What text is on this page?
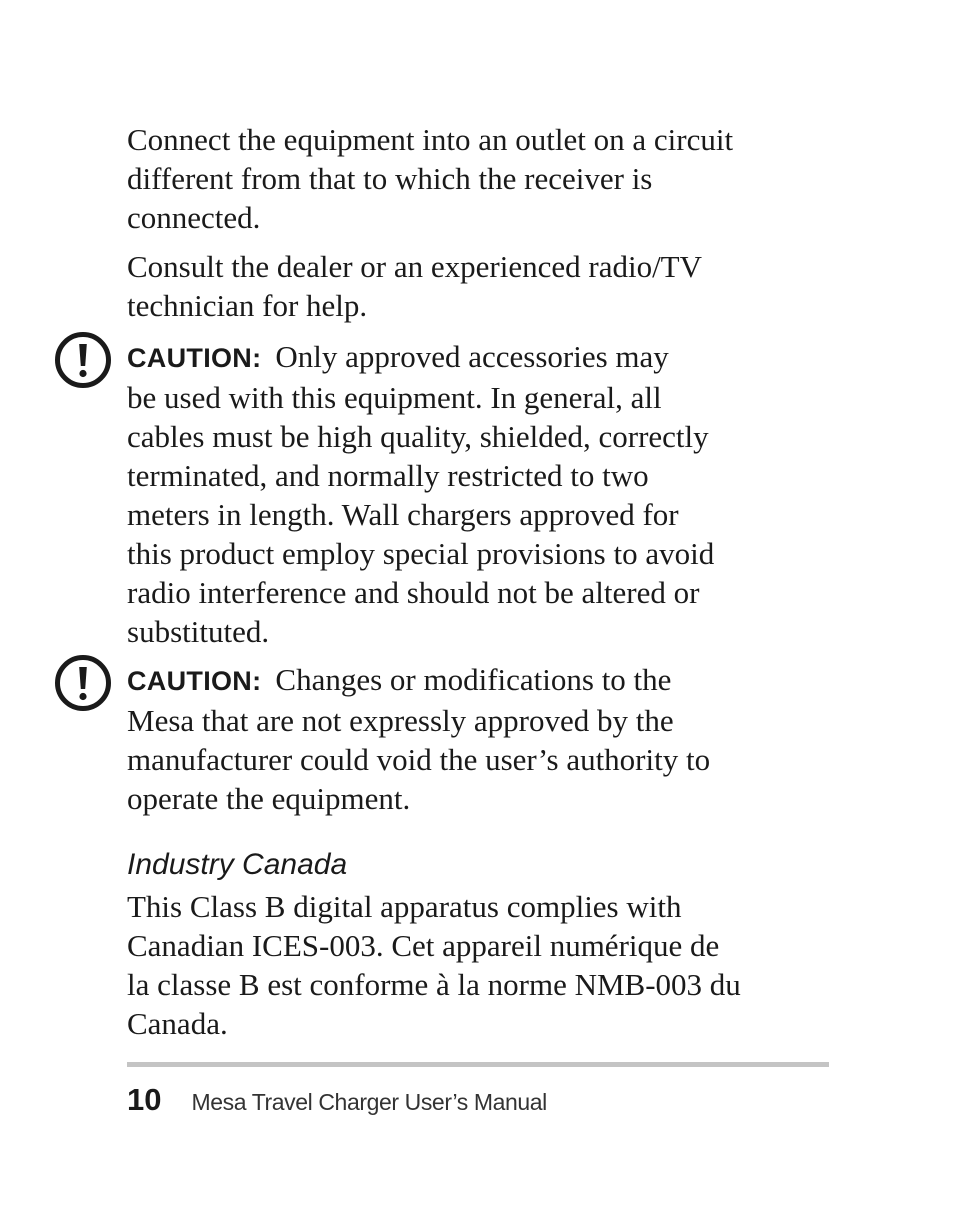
Connect the equipment into an outlet on a circuit
different from that to which the receiver is
connected.

Consult the dealer or an experienced radio/TV
technician for help.

CAUTION: Only approved accessories may
be used with this equipment. In general, all
cables must be high quality, shielded, correctly
terminated, and normally restricted to two
meters in length. Wall chargers approved for
this product employ special provisions to avoid
radio interference and should not be altered or
substituted.

CAUTION: Changes or modifications to the
Mesa that are not expressly approved by the
manufacturer could void the user’s authority to
operate the equipment.

Industry Canada

This Class B digital apparatus complies with
Canadian ICES-003. Cet appareil numérique de
la classe B est conforme à la norme NMB-003 du
Canada.

10 Mesa Travel Charger User’s Manual
